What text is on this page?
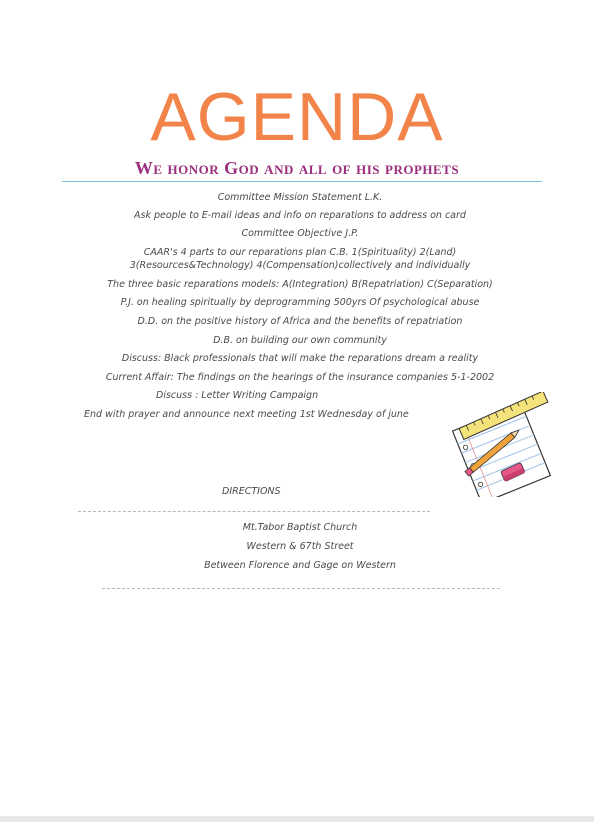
AGENDA
We honor God and all of his prophets
Committee Mission Statement L.K.
Ask people to E-mail ideas and info on reparations to address on card
Committee Objective J.P.
CAAR's 4 parts to our reparations plan C.B. 1(Spirituality) 2(Land)
3(Resources&Technology) 4(Compensation)collectively and individually
The three basic reparations models: A(Integration) B(Repatriation) C(Separation)
P.J. on healing spiritually by deprogramming 500yrs Of psychological abuse
D.D. on the positive history of Africa and the benefits of repatriation
D.B. on building our own community
Discuss: Black professionals that will make the reparations dream a reality
Current Affair: The findings on the hearings of the insurance companies 5-1-2002
Discuss : Letter Writing Campaign
End with prayer and announce next meeting 1st Wednesday of june
DIRECTIONS
Mt.Tabor Baptist Church
Western & 67th Street
Between Florence and Gage on Western
